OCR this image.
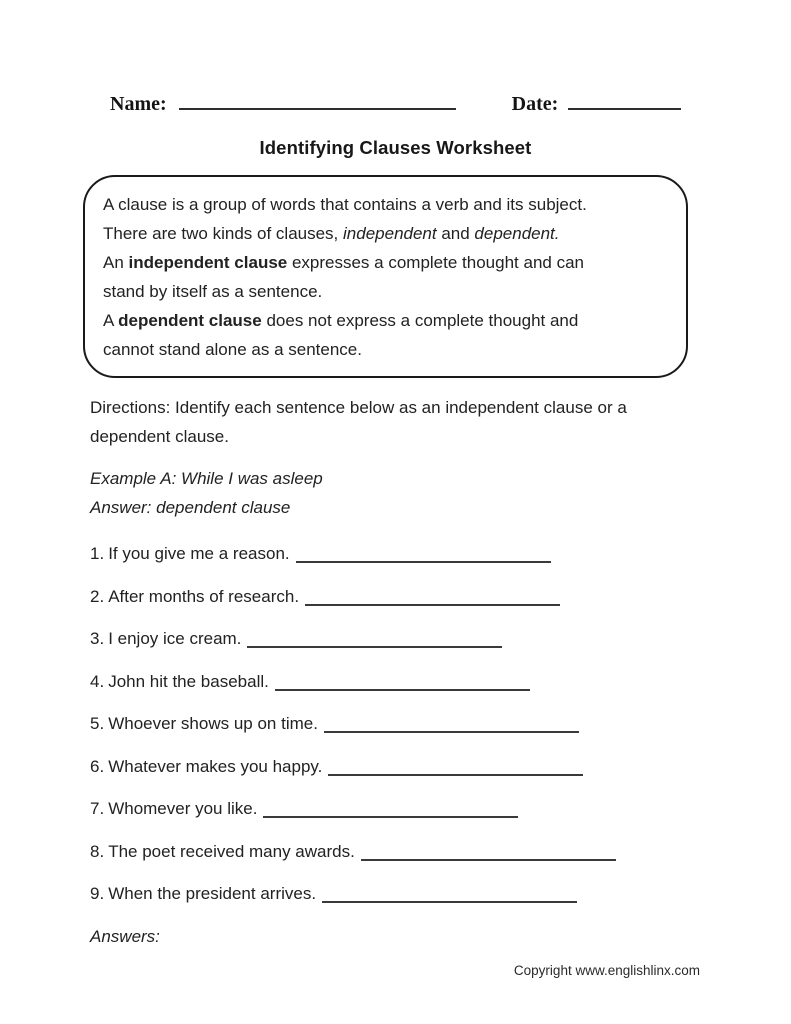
Name:	Date:
Identifying Clauses Worksheet
A clause is a group of words that contains a verb and its subject.
There are two kinds of clauses, independent and dependent.
An independent clause expresses a complete thought and can
stand by itself as a sentence.
A dependent clause does not express a complete thought and
cannot stand alone as a sentence.
Directions: Identify each sentence below as an independent clause or a
dependent clause.
Example A: While I was asleep
Answer: dependent clause
1. If you give me a reason.
2. After months of research.
3. I enjoy ice cream.
4. John hit the baseball.
5. Whoever shows up on time.
6. Whatever makes you happy.
7. Whomever you like.
8. The poet received many awards.
9. When the president arrives.
Answers:
Copyright www.englishlinx.com
